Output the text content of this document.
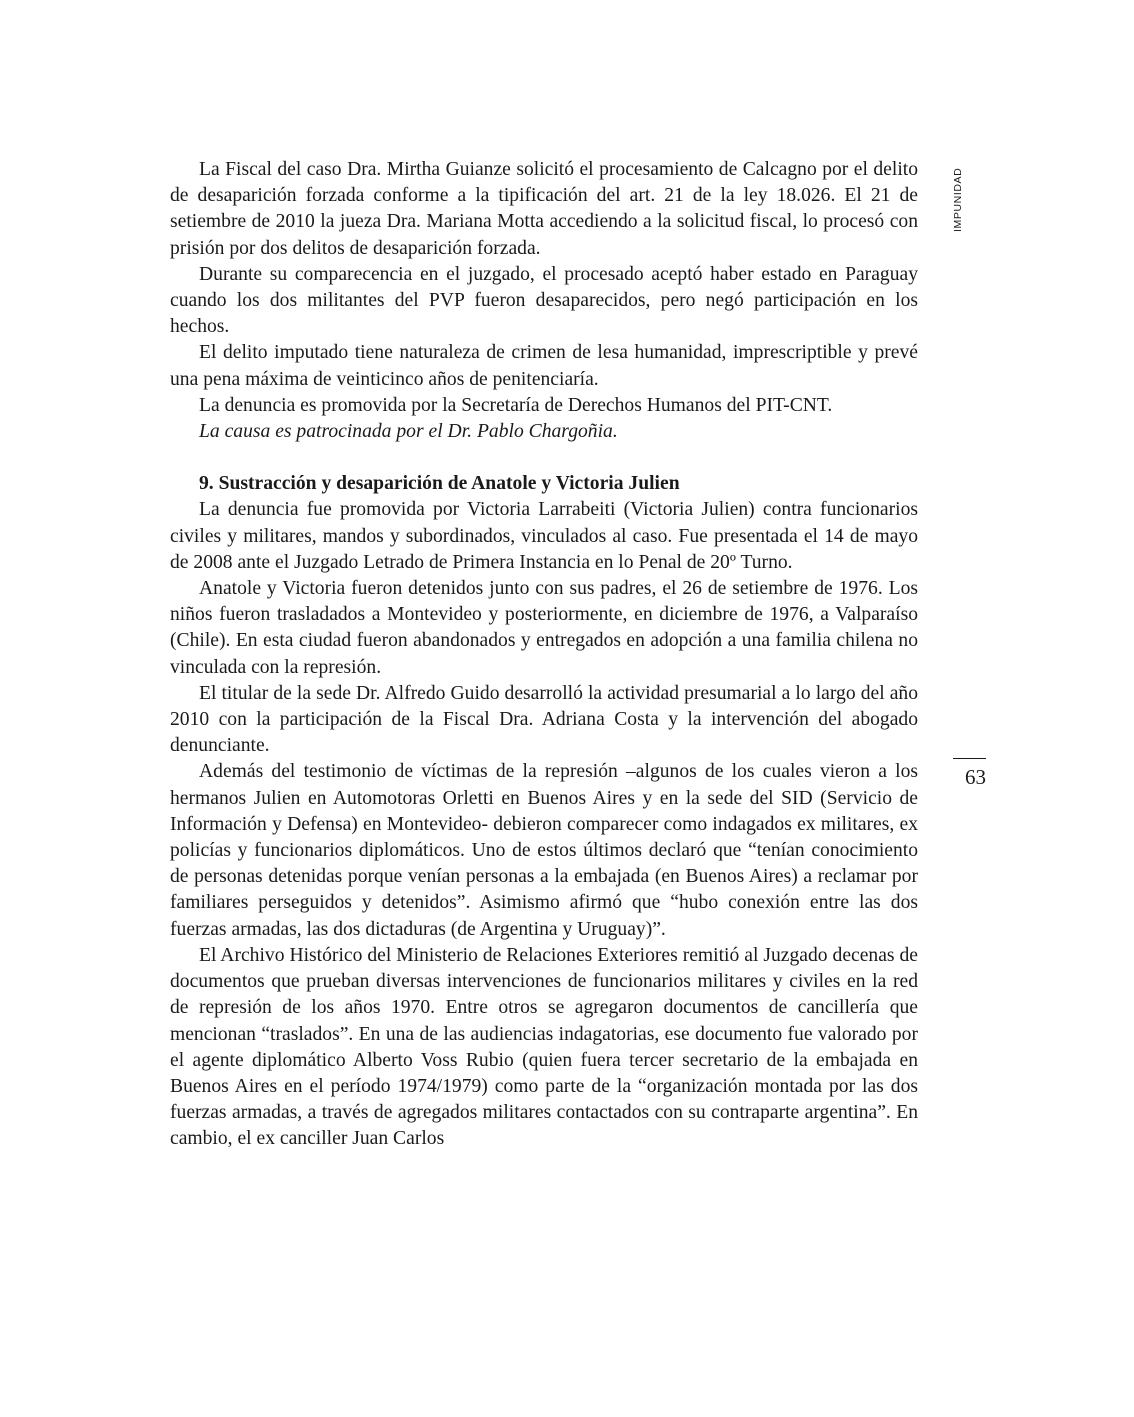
IMPUNIDAD

La Fiscal del caso Dra. Mirtha Guianze solicitó el procesamiento de Calcagno por el delito de desaparición forzada conforme a la tipificación del art. 21 de la ley 18.026. El 21 de setiembre de 2010 la jueza Dra. Mariana Motta accediendo a la solicitud fiscal, lo procesó con prisión por dos delitos de desaparición forzada.

Durante su comparecencia en el juzgado, el procesado aceptó haber estado en Paraguay cuando los dos militantes del PVP fueron desaparecidos, pero negó participación en los hechos.

El delito imputado tiene naturaleza de crimen de lesa humanidad, imprescriptible y prevé una pena máxima de veinticinco años de penitenciaría.

La denuncia es promovida por la Secretaría de Derechos Humanos del PIT-CNT.

La causa es patrocinada por el Dr. Pablo Chargoñia.

9. Sustracción y desaparición de Anatole y Victoria Julien

La denuncia fue promovida por Victoria Larrabeiti (Victoria Julien) contra funcionarios civiles y militares, mandos y subordinados, vinculados al caso. Fue presentada el 14 de mayo de 2008 ante el Juzgado Letrado de Primera Instancia en lo Penal de 20º Turno.

Anatole y Victoria fueron detenidos junto con sus padres, el 26 de setiembre de 1976. Los niños fueron trasladados a Montevideo y posteriormente, en diciembre de 1976, a Valparaíso (Chile). En esta ciudad fueron abandonados y entregados en adopción a una familia chilena no vinculada con la represión.

El titular de la sede Dr. Alfredo Guido desarrolló la actividad presumarial a lo largo del año 2010 con la participación de la Fiscal Dra. Adriana Costa y la intervención del abogado denunciante.

Además del testimonio de víctimas de la represión –algunos de los cuales vieron a los hermanos Julien en Automotoras Orletti en Buenos Aires y en la sede del SID (Servicio de Información y Defensa) en Montevideo- debieron comparecer como indagados ex militares, ex policías y funcionarios diplomáticos. Uno de estos últimos declaró que “tenían conocimiento de personas detenidas porque venían personas a la embajada (en Buenos Aires) a reclamar por familiares perseguidos y detenidos”. Asimismo afirmó que “hubo conexión entre las dos fuerzas armadas, las dos dictaduras (de Argentina y Uruguay)”.

El Archivo Histórico del Ministerio de Relaciones Exteriores remitió al Juzgado decenas de documentos que prueban diversas intervenciones de funcionarios militares y civiles en la red de represión de los años 1970. Entre otros se agregaron documentos de cancillería que mencionan “traslados”. En una de las audiencias indagatorias, ese documento fue valorado por el agente diplomático Alberto Voss Rubio (quien fuera tercer secretario de la embajada en Buenos Aires en el período 1974/1979) como parte de la “organización montada por las dos fuerzas armadas, a través de agregados militares contactados con su contraparte argentina”. En cambio, el ex canciller Juan Carlos

63
